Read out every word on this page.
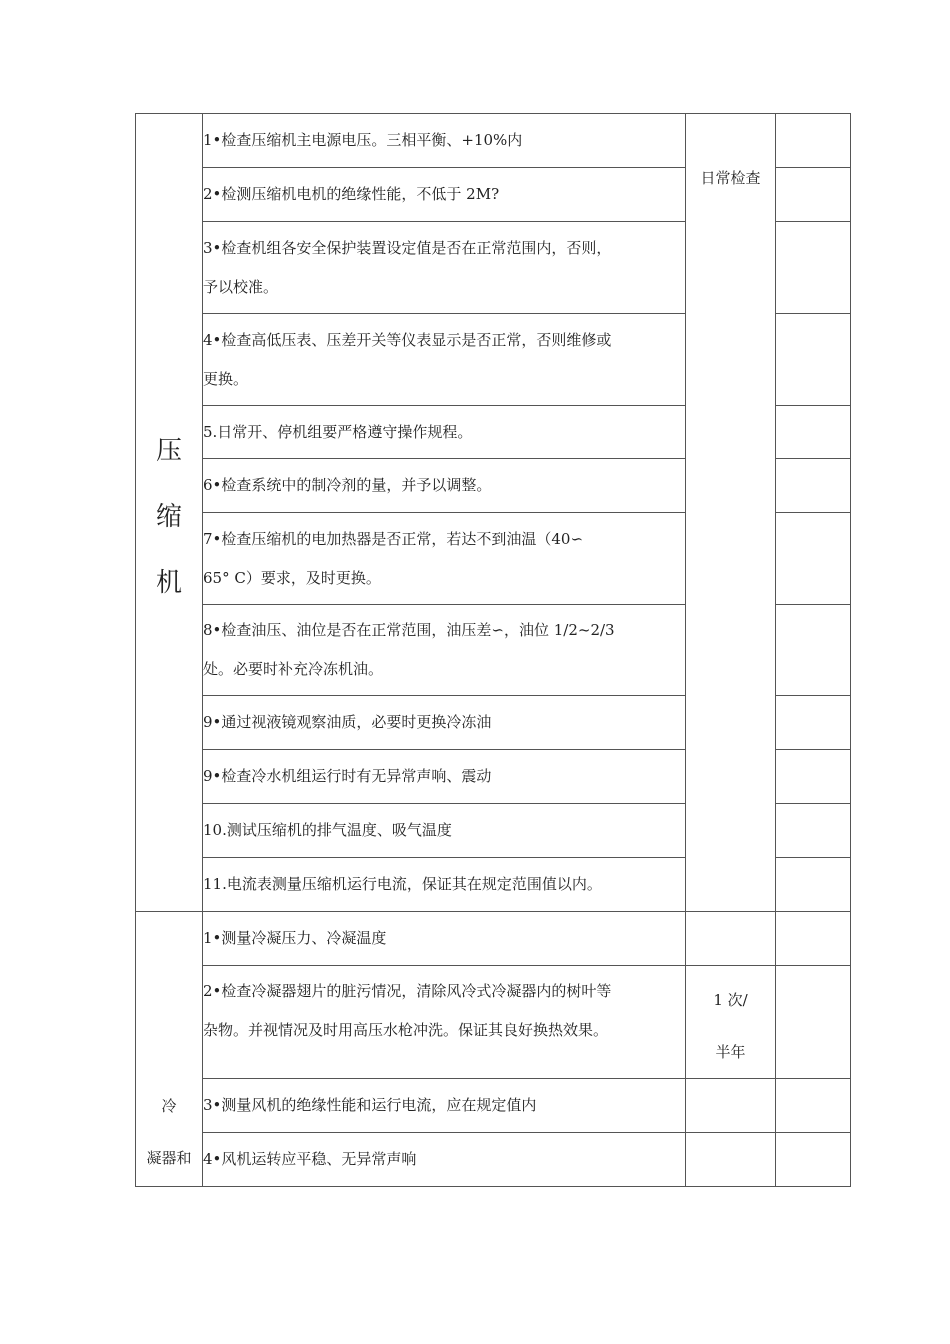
压
缩
机	1•检查压缩机主电源电压。三相平衡、+10%内	日常检查	

	2•检测压缩机电机的绝缘性能，不低于 2M?		

	3•检查机组各安全保护装置设定值是否在正常范围内，否则，
予以校准。		

	4•检查高低压表、压差开关等仪表显示是否正常，否则维修或
更换。		

	5.日常开、停机组要严格遵守操作规程。		

	6•检查系统中的制冷剂的量，并予以调整。		

	7•检查压缩机的电加热器是否正常，若达不到油温（40∽
65° C）要求，及时更换。		

	8•检查油压、油位是否在正常范围，油压差∽，油位 1/2~2/3
处。必要时补充冷冻机油。		

	9•通过视液镜观察油质，必要时更换冷冻油		

	9•检查冷水机组运行时有无异常声响、震动		

	10.测试压缩机的排气温度、吸气温度		

	11.电流表测量压缩机运行电流，保证其在规定范围值以内。		

冷
凝器和	1•测量冷凝压力、冷凝温度		

	2•检查冷凝器翅片的脏污情况，清除风冷式冷凝器内的树叶等
杂物。并视情况及时用高压水枪冲洗。保证其良好换热效果。	1 次/
半年	

	3•测量风机的绝缘性能和运行电流，应在规定值内		

	4•风机运转应平稳、无异常声响		
